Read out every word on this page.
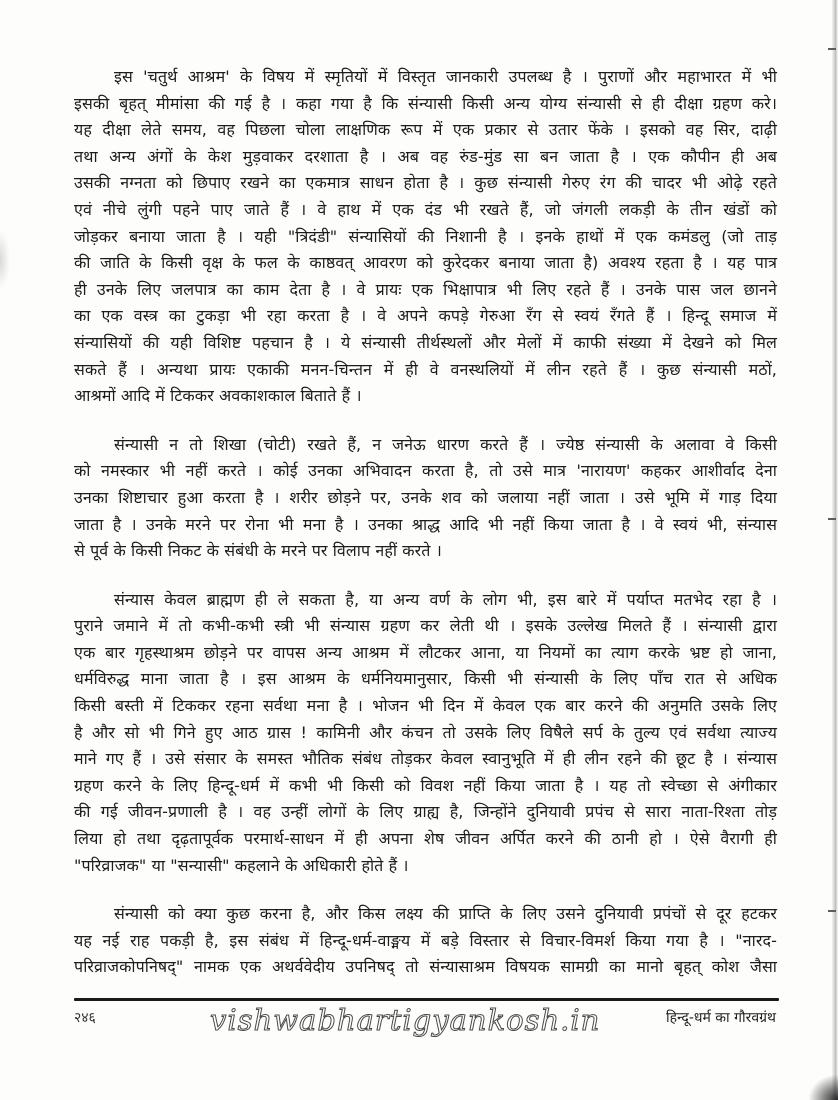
इस 'चतुर्थ आश्रम' के विषय में स्मृतियों में विस्तृत जानकारी उपलब्ध है । पुराणों और महाभारत में भी
इसकी बृहत् मीमांसा की गई है । कहा गया है कि संन्यासी किसी अन्य योग्य संन्यासी से ही दीक्षा ग्रहण करे।
यह दीक्षा लेते समय, वह पिछला चोला लाक्षणिक रूप में एक प्रकार से उतार फेंके । इसको वह सिर, दाढ़ी
तथा अन्य अंगों के केश मुड़वाकर दरशाता है । अब वह रुंड-मुंड सा बन जाता है । एक कौपीन ही अब
उसकी नग्नता को छिपाए रखने का एकमात्र साधन होता है । कुछ संन्यासी गेरुए रंग की चादर भी ओढ़े रहते
एवं नीचे लुंगी पहने पाए जाते हैं । वे हाथ में एक दंड भी रखते हैं, जो जंगली लकड़ी के तीन खंडों को
जोड़कर बनाया जाता है । यही "त्रिदंडी" संन्यासियों की निशानी है । इनके हाथों में एक कमंडलु (जो ताड़
की जाति के किसी वृक्ष के फल के काष्ठवत् आवरण को कुरेदकर बनाया जाता है) अवश्य रहता है । यह पात्र
ही उनके लिए जलपात्र का काम देता है । वे प्रायः एक भिक्षापात्र भी लिए रहते हैं । उनके पास जल छानने
का एक वस्त्र का टुकड़ा भी रहा करता है । वे अपने कपड़े गेरुआ रँग से स्वयं रँगते हैं । हिन्दू समाज में
संन्यासियों की यही विशिष्ट पहचान है । ये संन्यासी तीर्थस्थलों और मेलों में काफी संख्या में देखने को मिल
सकते हैं । अन्यथा प्रायः एकाकी मनन-चिन्तन में ही वे वनस्थलियों में लीन रहते हैं । कुछ संन्यासी मठों,
आश्रमों आदि में टिककर अवकाशकाल बिताते हैं ।

संन्यासी न तो शिखा (चोटी) रखते हैं, न जनेऊ धारण करते हैं । ज्येष्ठ संन्यासी के अलावा वे किसी
को नमस्कार भी नहीं करते । कोई उनका अभिवादन करता है, तो उसे मात्र 'नारायण' कहकर आशीर्वाद देना
उनका शिष्टाचार हुआ करता है । शरीर छोड़ने पर, उनके शव को जलाया नहीं जाता । उसे भूमि में गाड़ दिया
जाता है । उनके मरने पर रोना भी मना है । उनका श्राद्ध आदि भी नहीं किया जाता है । वे स्वयं भी, संन्यास
से पूर्व के किसी निकट के संबंधी के मरने पर विलाप नहीं करते ।

संन्यास केवल ब्राह्मण ही ले सकता है, या अन्य वर्ण के लोग भी, इस बारे में पर्याप्त मतभेद रहा है ।
पुराने जमाने में तो कभी-कभी स्त्री भी संन्यास ग्रहण कर लेती थी । इसके उल्लेख मिलते हैं । संन्यासी द्वारा
एक बार गृहस्थाश्रम छोड़ने पर वापस अन्य आश्रम में लौटकर आना, या नियमों का त्याग करके भ्रष्ट हो जाना,
धर्मविरुद्ध माना जाता है । इस आश्रम के धर्मनियमानुसार, किसी भी संन्यासी के लिए पाँच रात से अधिक
किसी बस्ती में टिककर रहना सर्वथा मना है । भोजन भी दिन में केवल एक बार करने की अनुमति उसके लिए
है और सो भी गिने हुए आठ ग्रास ! कामिनी और कंचन तो उसके लिए विषैले सर्प के तुल्य एवं सर्वथा त्याज्य
माने गए हैं । उसे संसार के समस्त भौतिक संबंध तोड़कर केवल स्वानुभूति में ही लीन रहने की छूट है । संन्यास
ग्रहण करने के लिए हिन्दू-धर्म में कभी भी किसी को विवश नहीं किया जाता है । यह तो स्वेच्छा से अंगीकार
की गई जीवन-प्रणाली है । वह उन्हीं लोगों के लिए ग्राह्य है, जिन्होंने दुनियावी प्रपंच से सारा नाता-रिश्ता तोड़
लिया हो तथा दृढ़तापूर्वक परमार्थ-साधन में ही अपना शेष जीवन अर्पित करने की ठानी हो । ऐसे वैरागी ही
"परिव्राजक" या "सन्यासी" कहलाने के अधिकारी होते हैं ।

संन्यासी को क्या कुछ करना है, और किस लक्ष्य की प्राप्ति के लिए उसने दुनियावी प्रपंचों से दूर हटकर
यह नई राह पकड़ी है, इस संबंध में हिन्दू-धर्म-वाङ्मय में बड़े विस्तार से विचार-विमर्श किया गया है । "नारद-
परिव्राजकोपनिषद्" नामक एक अथर्ववेदीय उपनिषद् तो संन्यासाश्रम विषयक सामग्री का मानो बृहत् कोश जैसा

२४६	vishwabhartigyankosh.in	हिन्दू-धर्म का गौरवग्रंथ
